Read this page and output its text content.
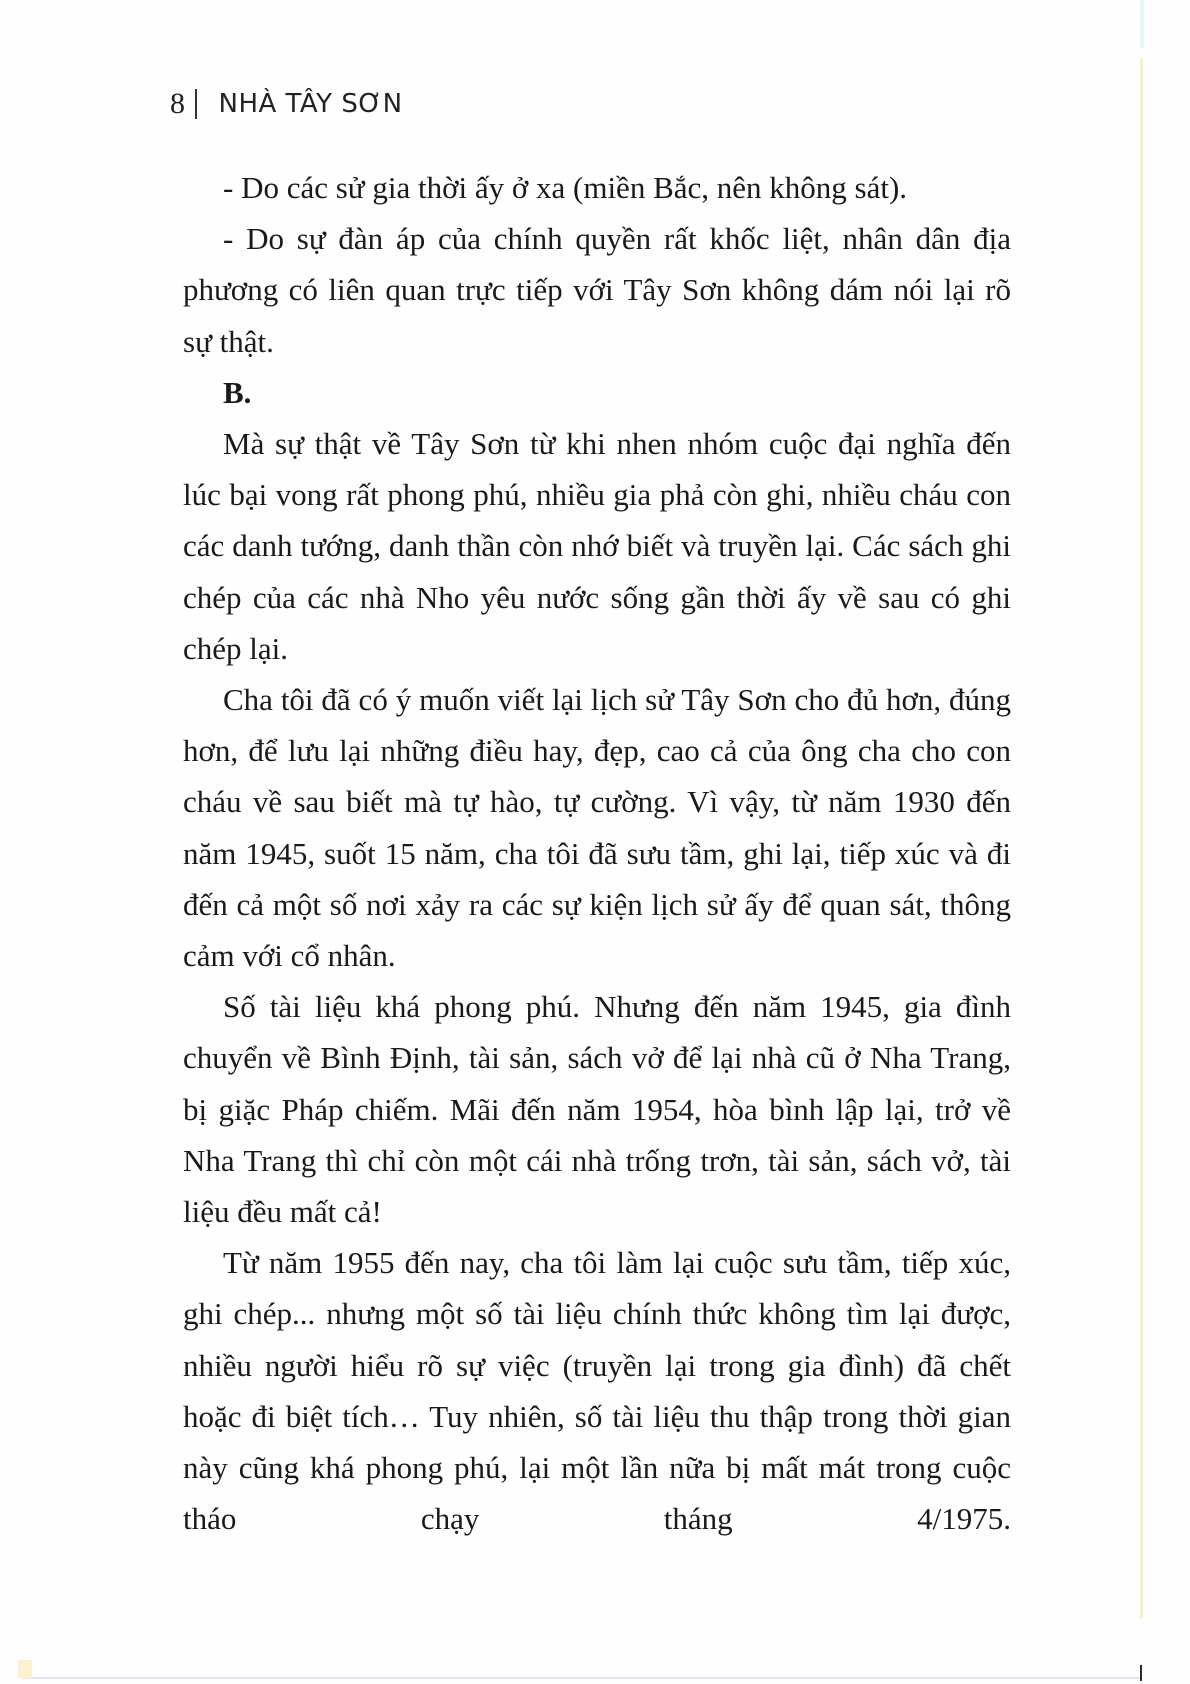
8 NHÀ TÂY SƠN

- Do các sử gia thời ấy ở xa (miền Bắc, nên không sát).

- Do sự đàn áp của chính quyền rất khốc liệt, nhân dân địa phương có liên quan trực tiếp với Tây Sơn không dám nói lại rõ sự thật.

B.

Mà sự thật về Tây Sơn từ khi nhen nhóm cuộc đại nghĩa đến lúc bại vong rất phong phú, nhiều gia phả còn ghi, nhiều cháu con các danh tướng, danh thần còn nhớ biết và truyền lại. Các sách ghi chép của các nhà Nho yêu nước sống gần thời ấy về sau có ghi chép lại.

Cha tôi đã có ý muốn viết lại lịch sử Tây Sơn cho đủ hơn, đúng hơn, để lưu lại những điều hay, đẹp, cao cả của ông cha cho con cháu về sau biết mà tự hào, tự cường. Vì vậy, từ năm 1930 đến năm 1945, suốt 15 năm, cha tôi đã sưu tầm, ghi lại, tiếp xúc và đi đến cả một số nơi xảy ra các sự kiện lịch sử ấy để quan sát, thông cảm với cổ nhân.

Số tài liệu khá phong phú. Nhưng đến năm 1945, gia đình chuyển về Bình Định, tài sản, sách vở để lại nhà cũ ở Nha Trang, bị giặc Pháp chiếm. Mãi đến năm 1954, hòa bình lập lại, trở về Nha Trang thì chỉ còn một cái nhà trống trơn, tài sản, sách vở, tài liệu đều mất cả!

Từ năm 1955 đến nay, cha tôi làm lại cuộc sưu tầm, tiếp xúc, ghi chép... nhưng một số tài liệu chính thức không tìm lại được, nhiều người hiểu rõ sự việc (truyền lại trong gia đình) đã chết hoặc đi biệt tích… Tuy nhiên, số tài liệu thu thập trong thời gian này cũng khá phong phú, lại một lần nữa bị mất mát trong cuộc tháo chạy tháng 4/1975.
